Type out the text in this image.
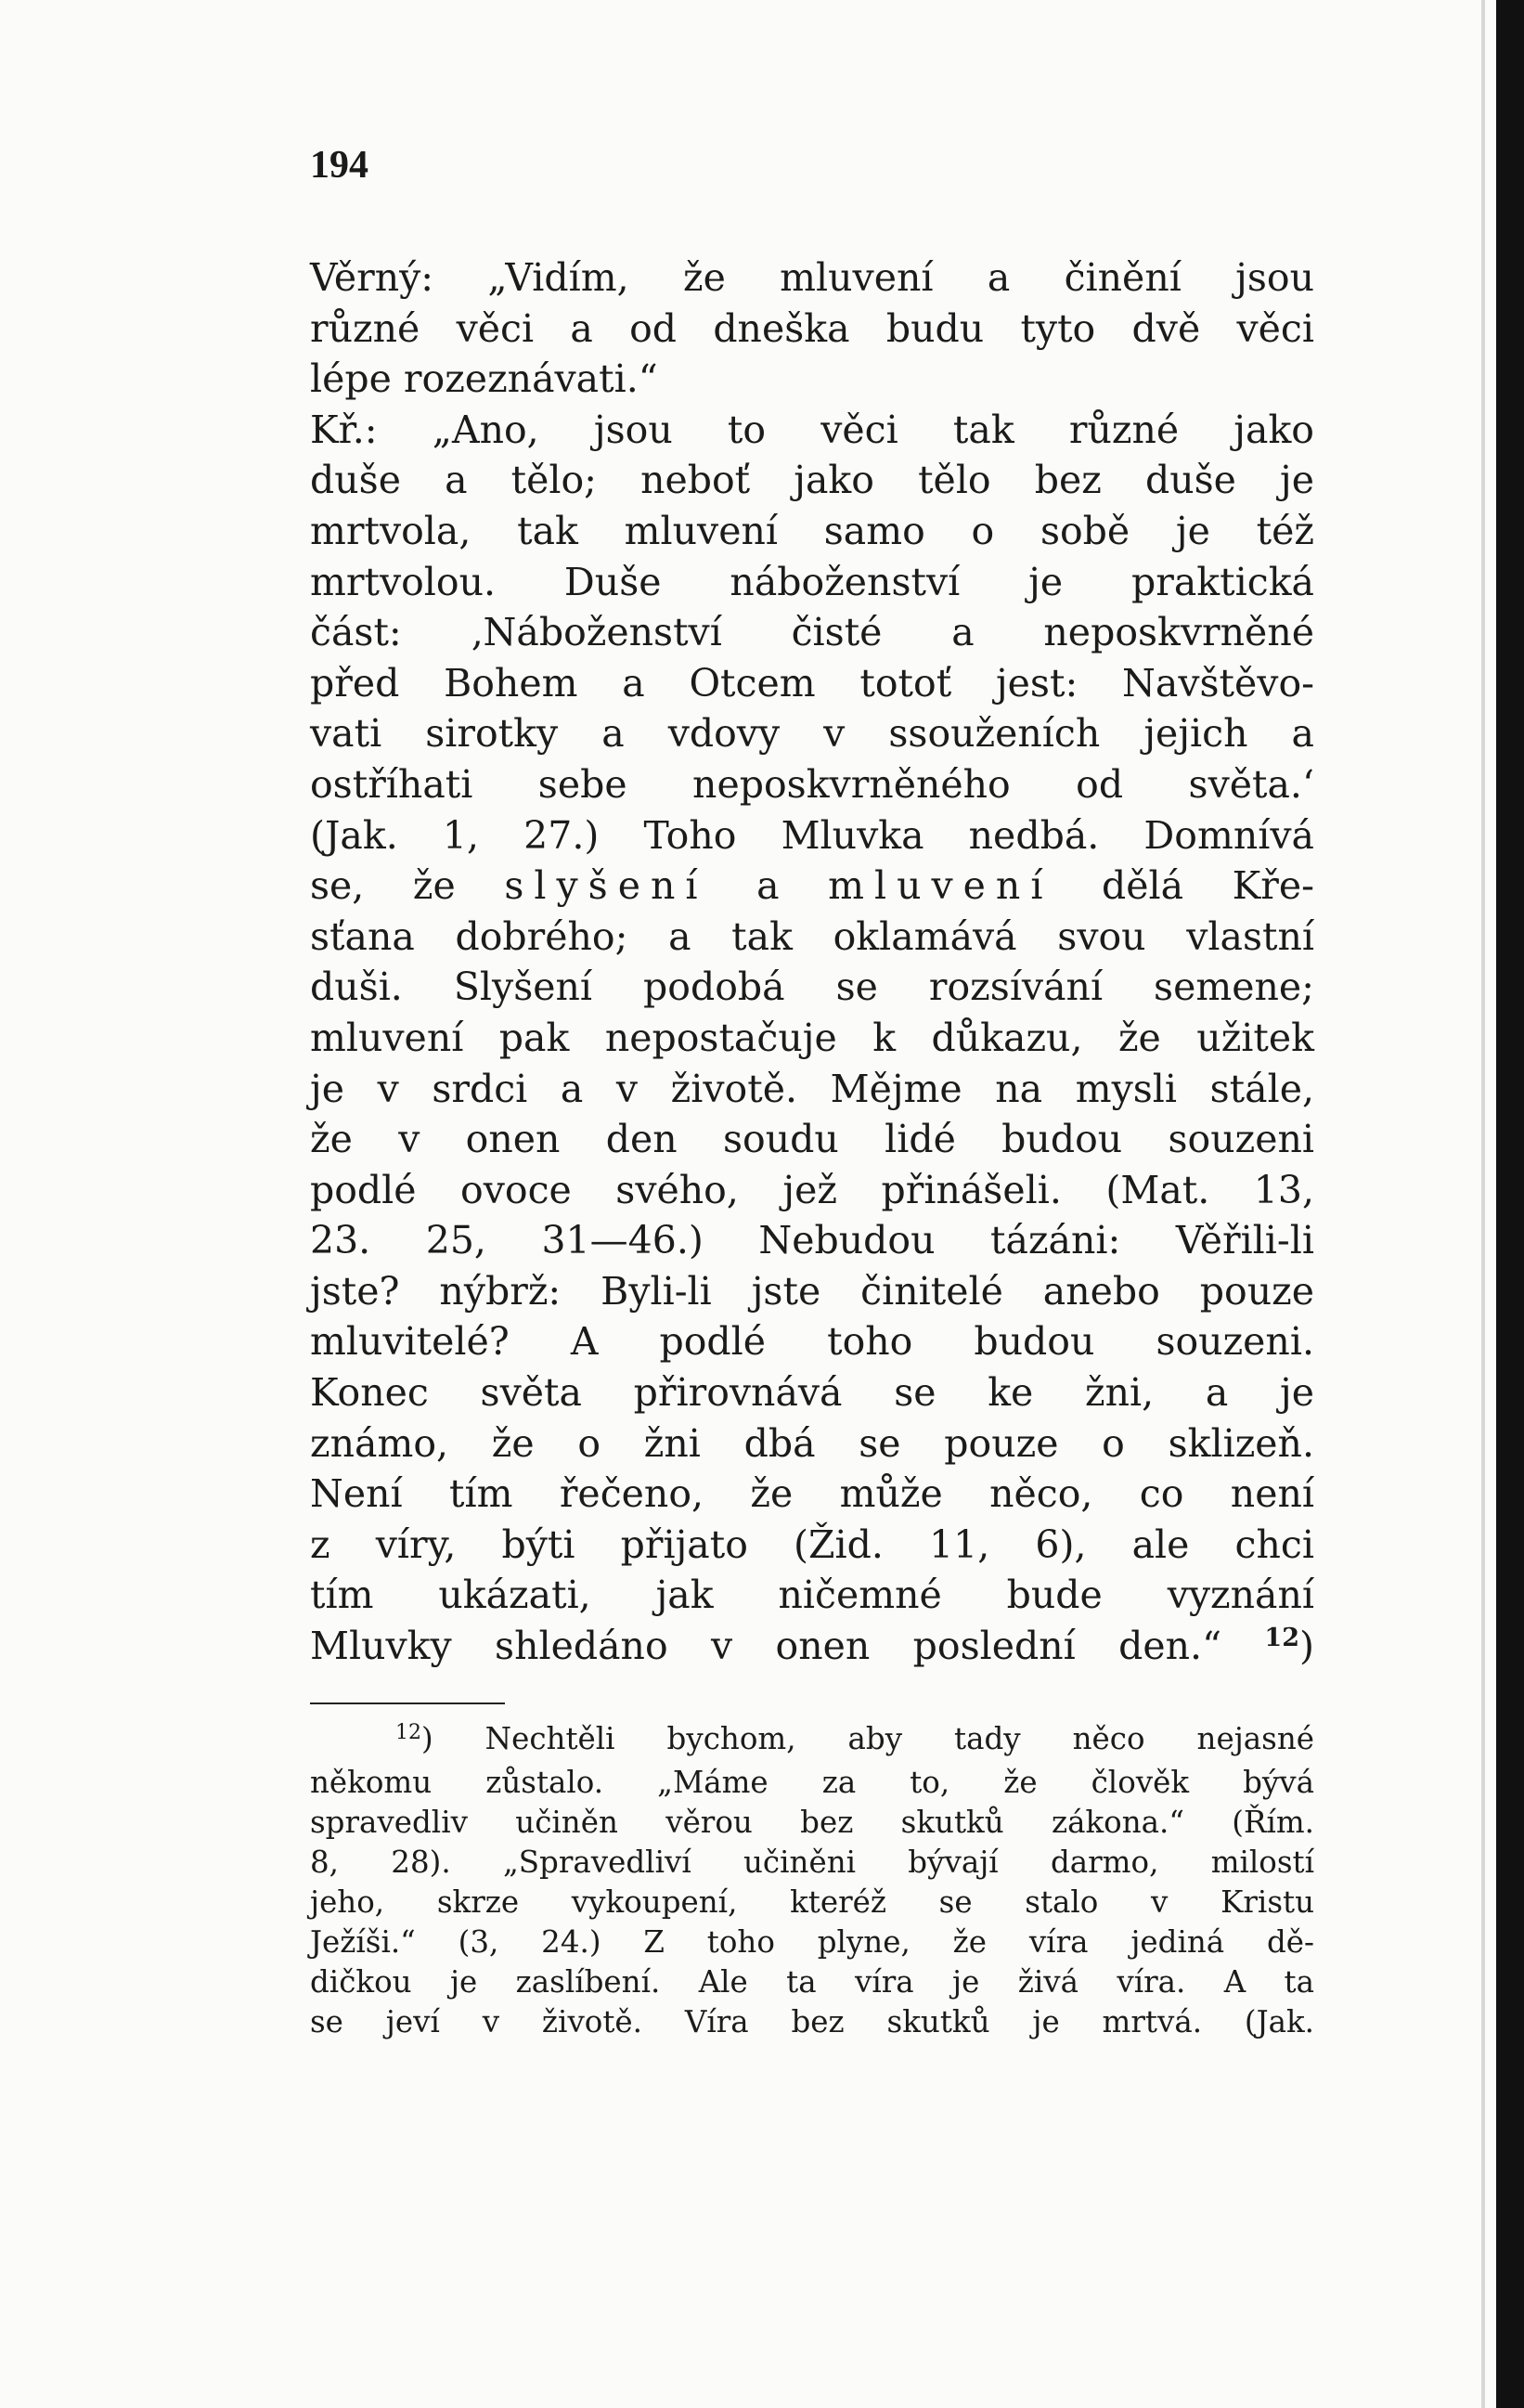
194

Věrný: „Vidím, že mluvení a činění jsou
různé věci a od dneška budu tyto dvě věci
lépe rozeznávati.“
Kř.: „Ano, jsou to věci tak různé jako
duše a tělo; neboť jako tělo bez duše je
mrtvola, tak mluvení samo o sobě je též
mrtvolou. Duše náboženství je praktická
část: ‚Náboženství čisté a neposkvrněné
před Bohem a Otcem totoť jest: Navštěvo-
vati sirotky a vdovy v ssouženích jejich a
ostříhati sebe neposkvrněného od světa.‘
(Jak. 1, 27.) Toho Mluvka nedbá. Domnívá
se, že slyšení a mluvení dělá Kře-
sťana dobrého; a tak oklamává svou vlastní
duši. Slyšení podobá se rozsívání semene;
mluvení pak nepostačuje k důkazu, že užitek
je v srdci a v životě. Mějme na mysli stále,
že v onen den soudu lidé budou souzeni
podlé ovoce svého, jež přinášeli. (Mat. 13,
23. 25, 31—46.) Nebudou tázáni: Věřili-li
jste? nýbrž: Byli-li jste činitelé anebo pouze
mluvitelé? A podlé toho budou souzeni.
Konec světa přirovnává se ke žni, a je
známo, že o žni dbá se pouze o sklizeň.
Není tím řečeno, že může něco, co není
z víry, býti přijato (Žid. 11, 6), ale chci
tím ukázati, jak ničemné bude vyznání
Mluvky shledáno v onen poslední den.“ $^{12}$)
$^{12}$) Nechtěli bychom, aby tady něco nejasné
někomu zůstalo. „Máme za to, že člověk bývá
spravedliv učiněn věrou bez skutků zákona.“ (Řím.
8, 28). „Spravedliví učiněni bývají darmo, milostí
jeho, skrze vykoupení, kteréž se stalo v Kristu
Ježíši.“ (3, 24.) Z toho plyne, že víra jediná dě-
dičkou je zaslíbení. Ale ta víra je živá víra. A ta
se jeví v životě. Víra bez skutků je mrtvá. (Jak.
